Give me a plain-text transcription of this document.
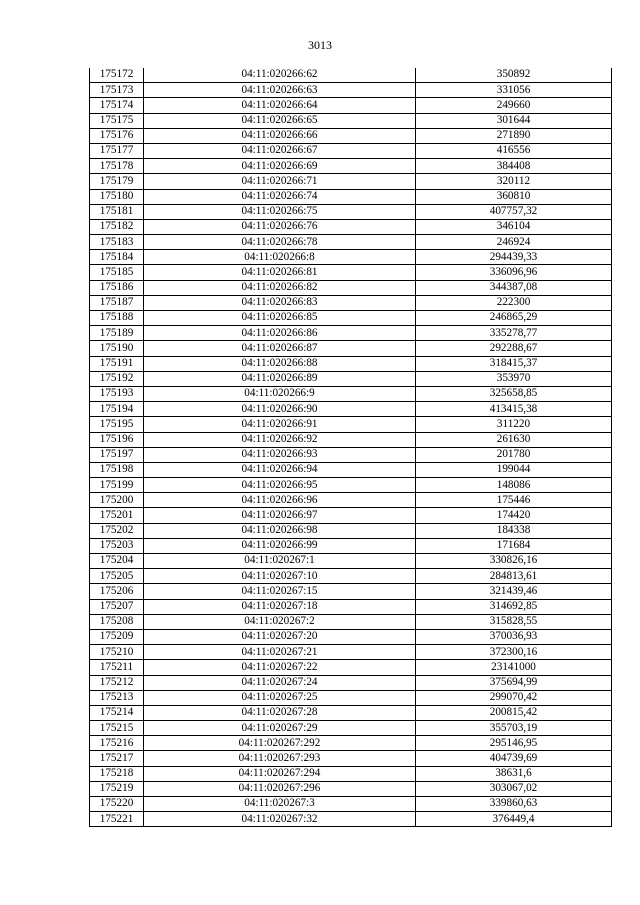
3013
175172	04:11:020266:62	350892
175173	04:11:020266:63	331056
175174	04:11:020266:64	249660
175175	04:11:020266:65	301644
175176	04:11:020266:66	271890
175177	04:11:020266:67	416556
175178	04:11:020266:69	384408
175179	04:11:020266:71	320112
175180	04:11:020266:74	360810
175181	04:11:020266:75	407757,32
175182	04:11:020266:76	346104
175183	04:11:020266:78	246924
175184	04:11:020266:8	294439,33
175185	04:11:020266:81	336096,96
175186	04:11:020266:82	344387,08
175187	04:11:020266:83	222300
175188	04:11:020266:85	246865,29
175189	04:11:020266:86	335278,77
175190	04:11:020266:87	292288,67
175191	04:11:020266:88	318415,37
175192	04:11:020266:89	353970
175193	04:11:020266:9	325658,85
175194	04:11:020266:90	413415,38
175195	04:11:020266:91	311220
175196	04:11:020266:92	261630
175197	04:11:020266:93	201780
175198	04:11:020266:94	199044
175199	04:11:020266:95	148086
175200	04:11:020266:96	175446
175201	04:11:020266:97	174420
175202	04:11:020266:98	184338
175203	04:11:020266:99	171684
175204	04:11:020267:1	330826,16
175205	04:11:020267:10	284813,61
175206	04:11:020267:15	321439,46
175207	04:11:020267:18	314692,85
175208	04:11:020267:2	315828,55
175209	04:11:020267:20	370036,93
175210	04:11:020267:21	372300,16
175211	04:11:020267:22	23141000
175212	04:11:020267:24	375694,99
175213	04:11:020267:25	299070,42
175214	04:11:020267:28	200815,42
175215	04:11:020267:29	355703,19
175216	04:11:020267:292	295146,95
175217	04:11:020267:293	404739,69
175218	04:11:020267:294	38631,6
175219	04:11:020267:296	303067,02
175220	04:11:020267:3	339860,63
175221	04:11:020267:32	376449,4
